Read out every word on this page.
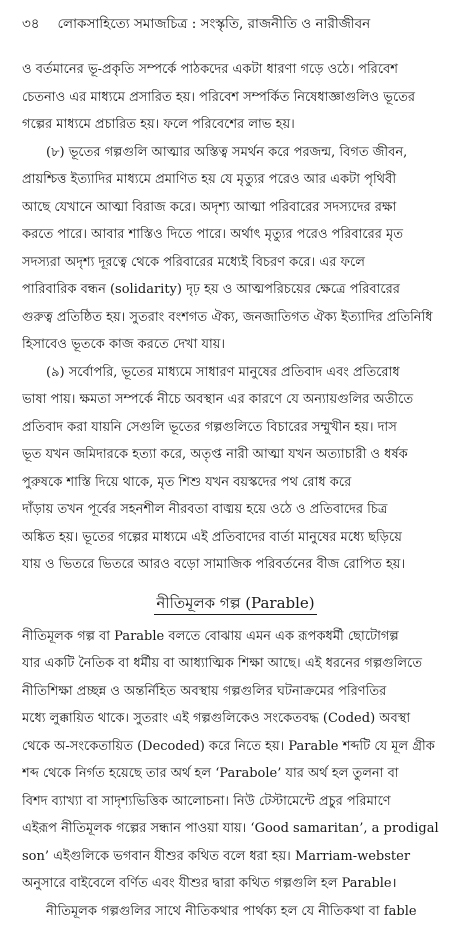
৩৪ লোকসাহিত্যে সমাজচিত্র : সংস্কৃতি, রাজনীতি ও নারীজীবন

ও বর্তমানের ভূ-প্রকৃতি সম্পর্কে পাঠকদের একটা ধারণা গড়ে ওঠে। পরিবেশ
চেতনাও এর মাধ্যমে প্রসারিত হয়। পরিবেশ সম্পর্কিত নিষেধাজ্ঞাগুলিও ভূতের
গল্পের মাধ্যমে প্রচারিত হয়। ফলে পরিবেশের লাভ হয়।

(৮) ভূতের গল্পগুলি আত্মার অস্তিত্ব সমর্থন করে পরজন্ম, বিগত জীবন,
প্রায়শ্চিত্ত ইত্যাদির মাধ্যমে প্রমাণিত হয় যে মৃত্যুর পরেও আর একটা পৃথিবী
আছে যেখানে আত্মা বিরাজ করে। অদৃশ্য আত্মা পরিবারের সদস্যদের রক্ষা
করতে পারে। আবার শাস্তিও দিতে পারে। অর্থাৎ মৃত্যুর পরেও পরিবারের মৃত
সদস্যরা অদৃশ্য দূরত্বে থেকে পরিবারের মধ্যেই বিচরণ করে। এর ফলে
পারিবারিক বন্ধন (solidarity) দৃঢ় হয় ও আত্মপরিচয়ের ক্ষেত্রে পরিবারের
গুরুত্ব প্রতিষ্ঠিত হয়। সুতরাং বংশগত ঐক্য, জনজাতিগত ঐক্য ইত্যাদির প্রতিনিধি
হিসাবেও ভূতকে কাজ করতে দেখা যায়।

(৯) সর্বোপরি, ভূতের মাধ্যমে সাধারণ মানুষের প্রতিবাদ এবং প্রতিরোধ
ভাষা পায়। ক্ষমতা সম্পর্কে নীচে অবস্থান এর কারণে যে অন্যায়গুলির অতীতে
প্রতিবাদ করা যায়নি সেগুলি ভূতের গল্পগুলিতে বিচারের সম্মুখীন হয়। দাস
ভূত যখন জমিদারকে হত্যা করে, অতৃপ্ত নারী আত্মা যখন অত্যাচারী ও ধর্ষক
পুরুষকে শাস্তি দিয়ে থাকে, মৃত শিশু যখন বয়স্কদের পথ রোধ করে
দাঁড়ায় তখন পূর্বের সহনশীল নীরবতা বাঙ্ময় হয়ে ওঠে ও প্রতিবাদের চিত্র
অঙ্কিত হয়। ভূতের গল্পের মাধ্যমে এই প্রতিবাদের বার্তা মানুষের মধ্যে ছড়িয়ে
যায় ও ভিতরে ভিতরে আরও বড়ো সামাজিক পরিবর্তনের বীজ রোপিত হয়।

নীতিমূলক গল্প (Parable)

নীতিমূলক গল্প বা Parable বলতে বোঝায় এমন এক রূপকধর্মী ছোটোগল্প
যার একটি নৈতিক বা ধর্মীয় বা আধ্যাত্মিক শিক্ষা আছে। এই ধরনের গল্পগুলিতে
নীতিশিক্ষা প্রচ্ছন্ন ও অন্তর্নিহিত অবস্থায় গল্পগুলির ঘটনাক্রমের পরিণতির
মধ্যে লুক্কায়িত থাকে। সুতরাং এই গল্পগুলিকেও সংকেতবদ্ধ (Coded) অবস্থা
থেকে অ-সংকেতায়িত (Decoded) করে নিতে হয়। Parable শব্দটি যে মূল গ্রীক
শব্দ থেকে নির্গত হয়েছে তার অর্থ হল ‘Parabole’ যার অর্থ হল তুলনা বা
বিশদ ব্যাখ্যা বা সাদৃশ্যভিত্তিক আলোচনা। নিউ টেস্টামেন্টে প্রচুর পরিমাণে
এইরূপ নীতিমূলক গল্পের সন্ধান পাওয়া যায়। ‘Good samaritan’, a prodigal
son’ এইগুলিকে ভগবান যীশুর কথিত বলে ধরা হয়। Marriam-webster
অনুসারে বাইবেলে বর্ণিত এবং যীশুর দ্বারা কথিত গল্পগুলি হল Parable।

নীতিমূলক গল্পগুলির সাথে নীতিকথার পার্থক্য হল যে নীতিকথা বা fable
